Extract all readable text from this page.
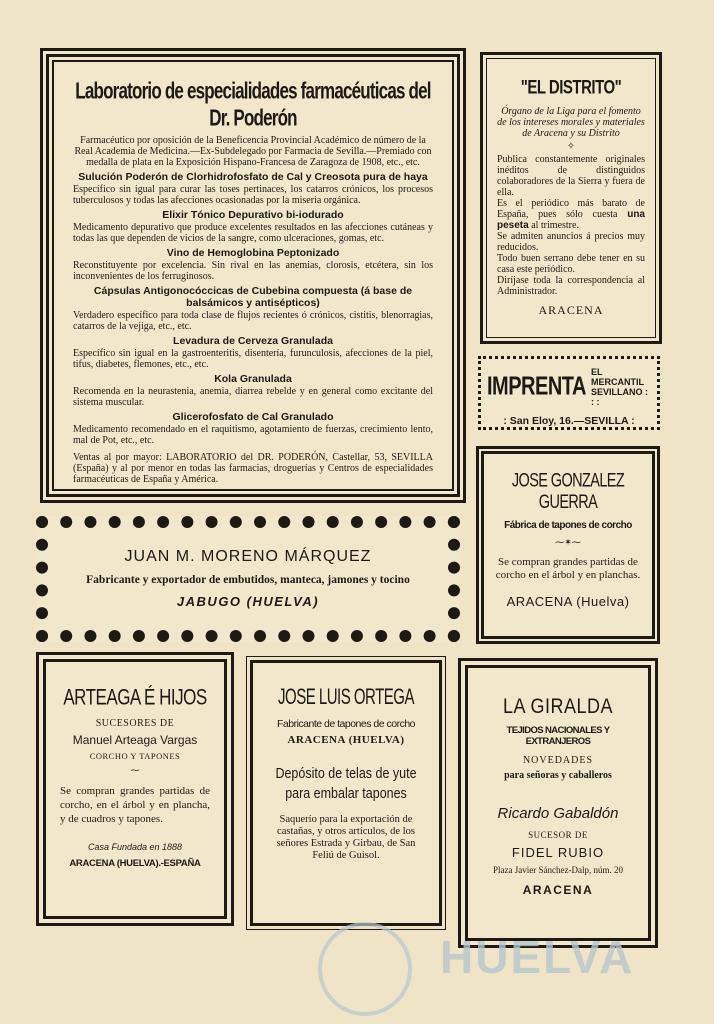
Laboratorio de especialidades farmacéuticas del Dr. Poderón

Farmacéutico por oposición de la Beneficencia Provincial Académico de número de la Real Academia de Medicina.—Ex-Subdelegado por Farmacia de Sevilla.—Premiado con medalla de plata en la Exposición Hispano-Francesa de Zaragoza de 1908, etc., etc.

Sulución Poderón de Clorhidrofosfato de Cal y Creosota pura de haya

Específico sin igual para curar las toses pertinaces, los catarros crónicos, los procesos tuberculosos y todas las afecciones ocasionadas por la miseria orgánica.

Elixir Tónico Depurativo bi-iodurado

Medicamento depurativo que produce excelentes resultados en las afecciones cutáneas y todas las que dependen de vicios de la sangre, como ulceraciones, gomas, etc.

Vino de Hemoglobina Peptonizado

Reconstituyente por excelencia. Sin rival en las anemias, clorosis, etcétera, sin los inconvenientes de los ferruginosos.

Cápsulas Antigonocóccicas de Cubebina compuesta (á base de balsámicos y antisépticos)

Verdadero específico para toda clase de flujos recientes ó crónicos, cistitis, blenorragias, catarros de la vejiga, etc., etc.

Levadura de Cerveza Granulada

Específico sin igual en la gastroenteritis, disentería, furunculosis, afecciones de la piel, tifus, diabetes, flemones, etc., etc.

Kola Granulada

Recomenda en la neurastenia, anemia, diarrea rebelde y en general como excitante del sistema muscular.

Glicerofosfato de Cal Granulado

Medicamento recomendado en el raquitismo, agotamiento de fuerzas, crecimiento lento, mal de Pot, etc., etc.

Ventas al por mayor: LABORATORIO del DR. PODERÓN, Castellar, 53, SEVILLA (España) y al por menor en todas las farmacias, droguerías y Centros de especialidades farmacéuticas de España y América.

"EL DISTRITO"

Órgano de la Liga para el fomento de los intereses morales y materiales de Aracena y su Distrito

✧

Publica constantemente originales inéditos de distinguidos colaboradores de la Sierra y fuera de ella.

Es el periódico más barato de España, pues sólo cuesta una peseta al trimestre.

Se admiten anuncios á precios muy reducidos.

Todo buen serrano debe tener en su casa este periódico.

Diríjase toda la correspondencia al Administrador.

ARACENA
IMPRENTA
EL MERCANTIL
SEVILLANO : : :
: San Eloy, 16.—SEVILLA :
JOSE GONZALEZ GUERRA
Fábrica de tapones de corcho
⁓✶⁓

Se compran grandes partidas de corcho en el árbol y en planchas.

ARACENA (Huelva)
JUAN M. MORENO MÁRQUEZ
Fabricante y exportador de embutidos, manteca, jamones y tocino
JABUGO (HUELVA)
ARTEAGA É HIJOS
SUCESORES DE
Manuel Arteaga Vargas
CORCHO Y TAPONES
⁓

Se compran grandes partidas de corcho, en el árbol y en plancha, y de cuadros y tapones.

Casa Fundada en 1888
ARACENA (HUELVA).-ESPAÑA
JOSE LUIS ORTEGA
Fabricante de tapones de corcho
ARACENA (HUELVA)
Depósito de telas de yute
para embalar tapones

Saquerío para la exportación de castañas, y otros artículos, de los señores Estrada y Girbau, de San Feliú de Guisol.

LA GIRALDA
TEJIDOS NACIONALES Y EXTRANJEROS
NOVEDADES
para señoras y caballeros
Ricardo Gabaldón
SUCESOR DE
FIDEL RUBIO
Plaza Javier Sánchez-Dalp, núm. 20
ARACENA
HUELVA
